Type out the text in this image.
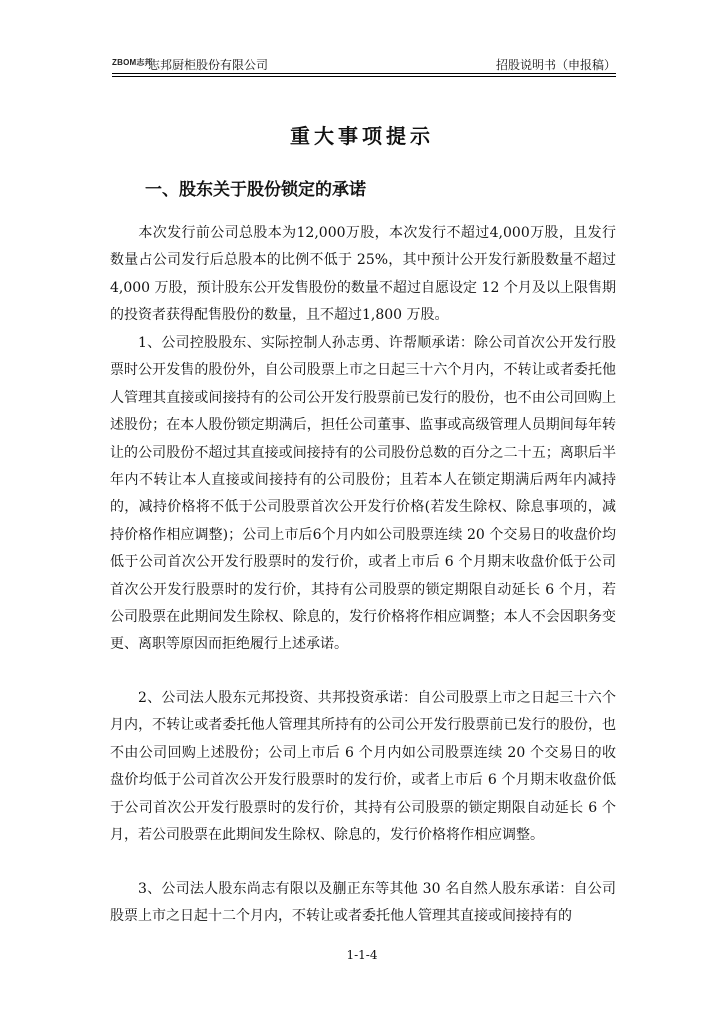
ZBOM志邦
志邦厨柜股份有限公司	招股说明书（申报稿）
重大事项提示
一、股东关于股份锁定的承诺

本次发行前公司总股本为12,000万股，本次发行不超过4,000万股，且发行数量占公司发行后总股本的比例不低于 25%，其中预计公开发行新股数量不超过 4,000 万股，预计股东公开发售股份的数量不超过自愿设定 12 个月及以上限售期的投资者获得配售股份的数量，且不超过1,800 万股。

1、公司控股股东、实际控制人孙志勇、许帮顺承诺：除公司首次公开发行股票时公开发售的股份外，自公司股票上市之日起三十六个月内，不转让或者委托他人管理其直接或间接持有的公司公开发行股票前已发行的股份，也不由公司回购上述股份；在本人股份锁定期满后，担任公司董事、监事或高级管理人员期间每年转让的公司股份不超过其直接或间接持有的公司股份总数的百分之二十五；离职后半年内不转让本人直接或间接持有的公司股份；且若本人在锁定期满后两年内减持的，减持价格将不低于公司股票首次公开发行价格(若发生除权、除息事项的，减持价格作相应调整)；公司上市后6个月内如公司股票连续 20 个交易日的收盘价均低于公司首次公开发行股票时的发行价，或者上市后 6 个月期末收盘价低于公司首次公开发行股票时的发行价，其持有公司股票的锁定期限自动延长 6 个月，若公司股票在此期间发生除权、除息的，发行价格将作相应调整；本人不会因职务变更、离职等原因而拒绝履行上述承诺。

2、公司法人股东元邦投资、共邦投资承诺：自公司股票上市之日起三十六个月内，不转让或者委托他人管理其所持有的公司公开发行股票前已发行的股份，也不由公司回购上述股份；公司上市后 6 个月内如公司股票连续 20 个交易日的收盘价均低于公司首次公开发行股票时的发行价，或者上市后 6 个月期末收盘价低于公司首次公开发行股票时的发行价，其持有公司股票的锁定期限自动延长 6 个月，若公司股票在此期间发生除权、除息的，发行价格将作相应调整。

3、公司法人股东尚志有限以及蒯正东等其他 30 名自然人股东承诺：自公司股票上市之日起十二个月内，不转让或者委托他人管理其直接或间接持有的

1-1-4
